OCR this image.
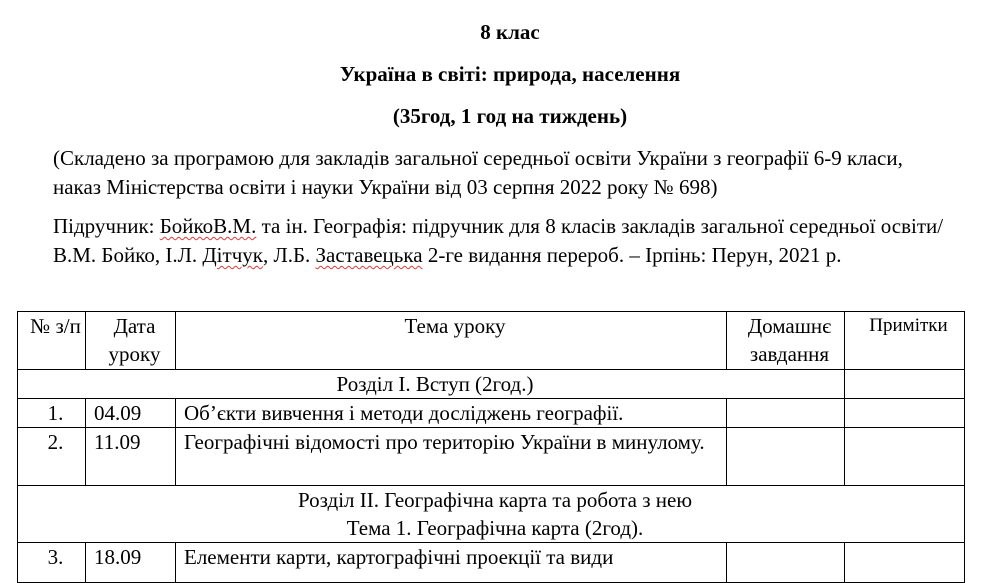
8 клас
Україна в світі: природа, населення
(35год, 1 год на тиждень)
(Складено за програмою для закладів загальної середньої освіти України з географії 6-9 класи, наказ Міністерства освіти і науки України від 03 серпня 2022 року № 698)
Підручник: БойкоВ.М. та ін. Географія: підручник для 8 класів закладів загальної середньої освіти/ В.М. Бойко, І.Л. Дітчук, Л.Б. Заставецька 2-ге видання перероб. – Ірпінь: Перун, 2021 р.
№ з/п	Дата уроку	Тема уроку	Домашнє завдання	Примітки
Розділ І. Вступ (2год.)				
1.	04.09	Об’єкти вивчення і методи досліджень географії.		
2.	11.09	Географічні відомості про територію України в минулому.		

Розділ ІІ. Географічна карта та робота з нею
Тема 1. Географічна карта (2год).				

3.	18.09	Елементи карти, картографічні проекції та види		
